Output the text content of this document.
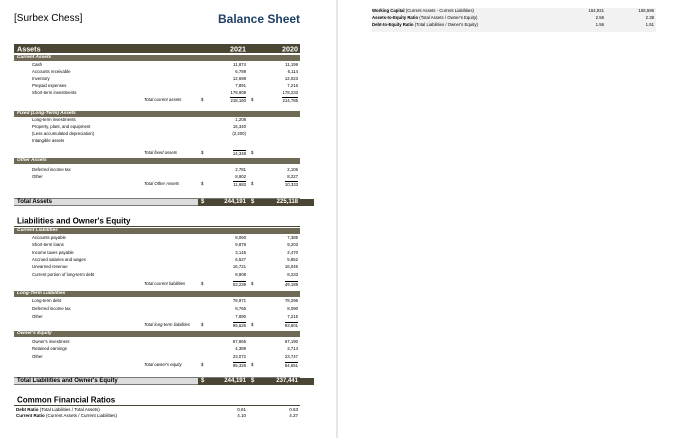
[Surbex Chess]	Balance Sheet
Assets	2021	2020
Current Assets
Cash	11,874	11,199
Accounts receivable	6,789	6,114
Inventory	12,698	12,023
Prepaid expenses	7,891	7,216
Short-term investments	178,908	178,233
Total current assets	$	218,160 $	214,785
Fixed (Long-Term) Assets
Long-term investments	1,208
Property, plant, and equipment	15,340
(Less accumulated depreciation)	(2,200)
Intangible assets
Total fixed assets	$	14,348 $
Other Assets
Deferred income tax	2,781	2,106
Other	8,902	8,227
Total Other Assets	$	11,683 $	10,333
Total Assets	$	244,191 $	225,118
Liabilities and Owner's Equity
Current Liabilities
Accounts payable	8,060	7,385
Short-term loans	9,878	9,203
Income taxes payable	3,145	2,470
Accrued salaries and wages	6,527	5,852
Unearned revenue	16,721	16,046
Current portion of long-term debt	8,908	8,233
Total current liabilities	$	53,239 $	49,189
Long-Term Liabilities
Long-term debt	78,971	78,296
Deferred income tax	8,765	8,090
Other	7,890	7,215
Total long-term liabilities	$	95,626 $	93,601
Owner's Equity
Owner's investment	67,865	67,190
Retained earnings	4,389	3,714
Other	23,072	23,747
Total owner's equity	$	95,326 $	94,651
Total Liabilities and Owner's Equity	$	244,191 $	237,441
Common Financial Ratios
Debt Ratio (Total Liabilities / Total Assets)	0.61	0.63
Current Ratio (Current Assets / Current Liabilities)	4.10	4.37
Working Capital (Current Assets - Current Liabilities)	164,921	165,596
Assets-to-Equity Ratio (Total Assets / Owner's Equity)	2.56	2.38
Debt-to-Equity Ratio (Total Liabilities / Owner's Equity)	1.56	1.51
